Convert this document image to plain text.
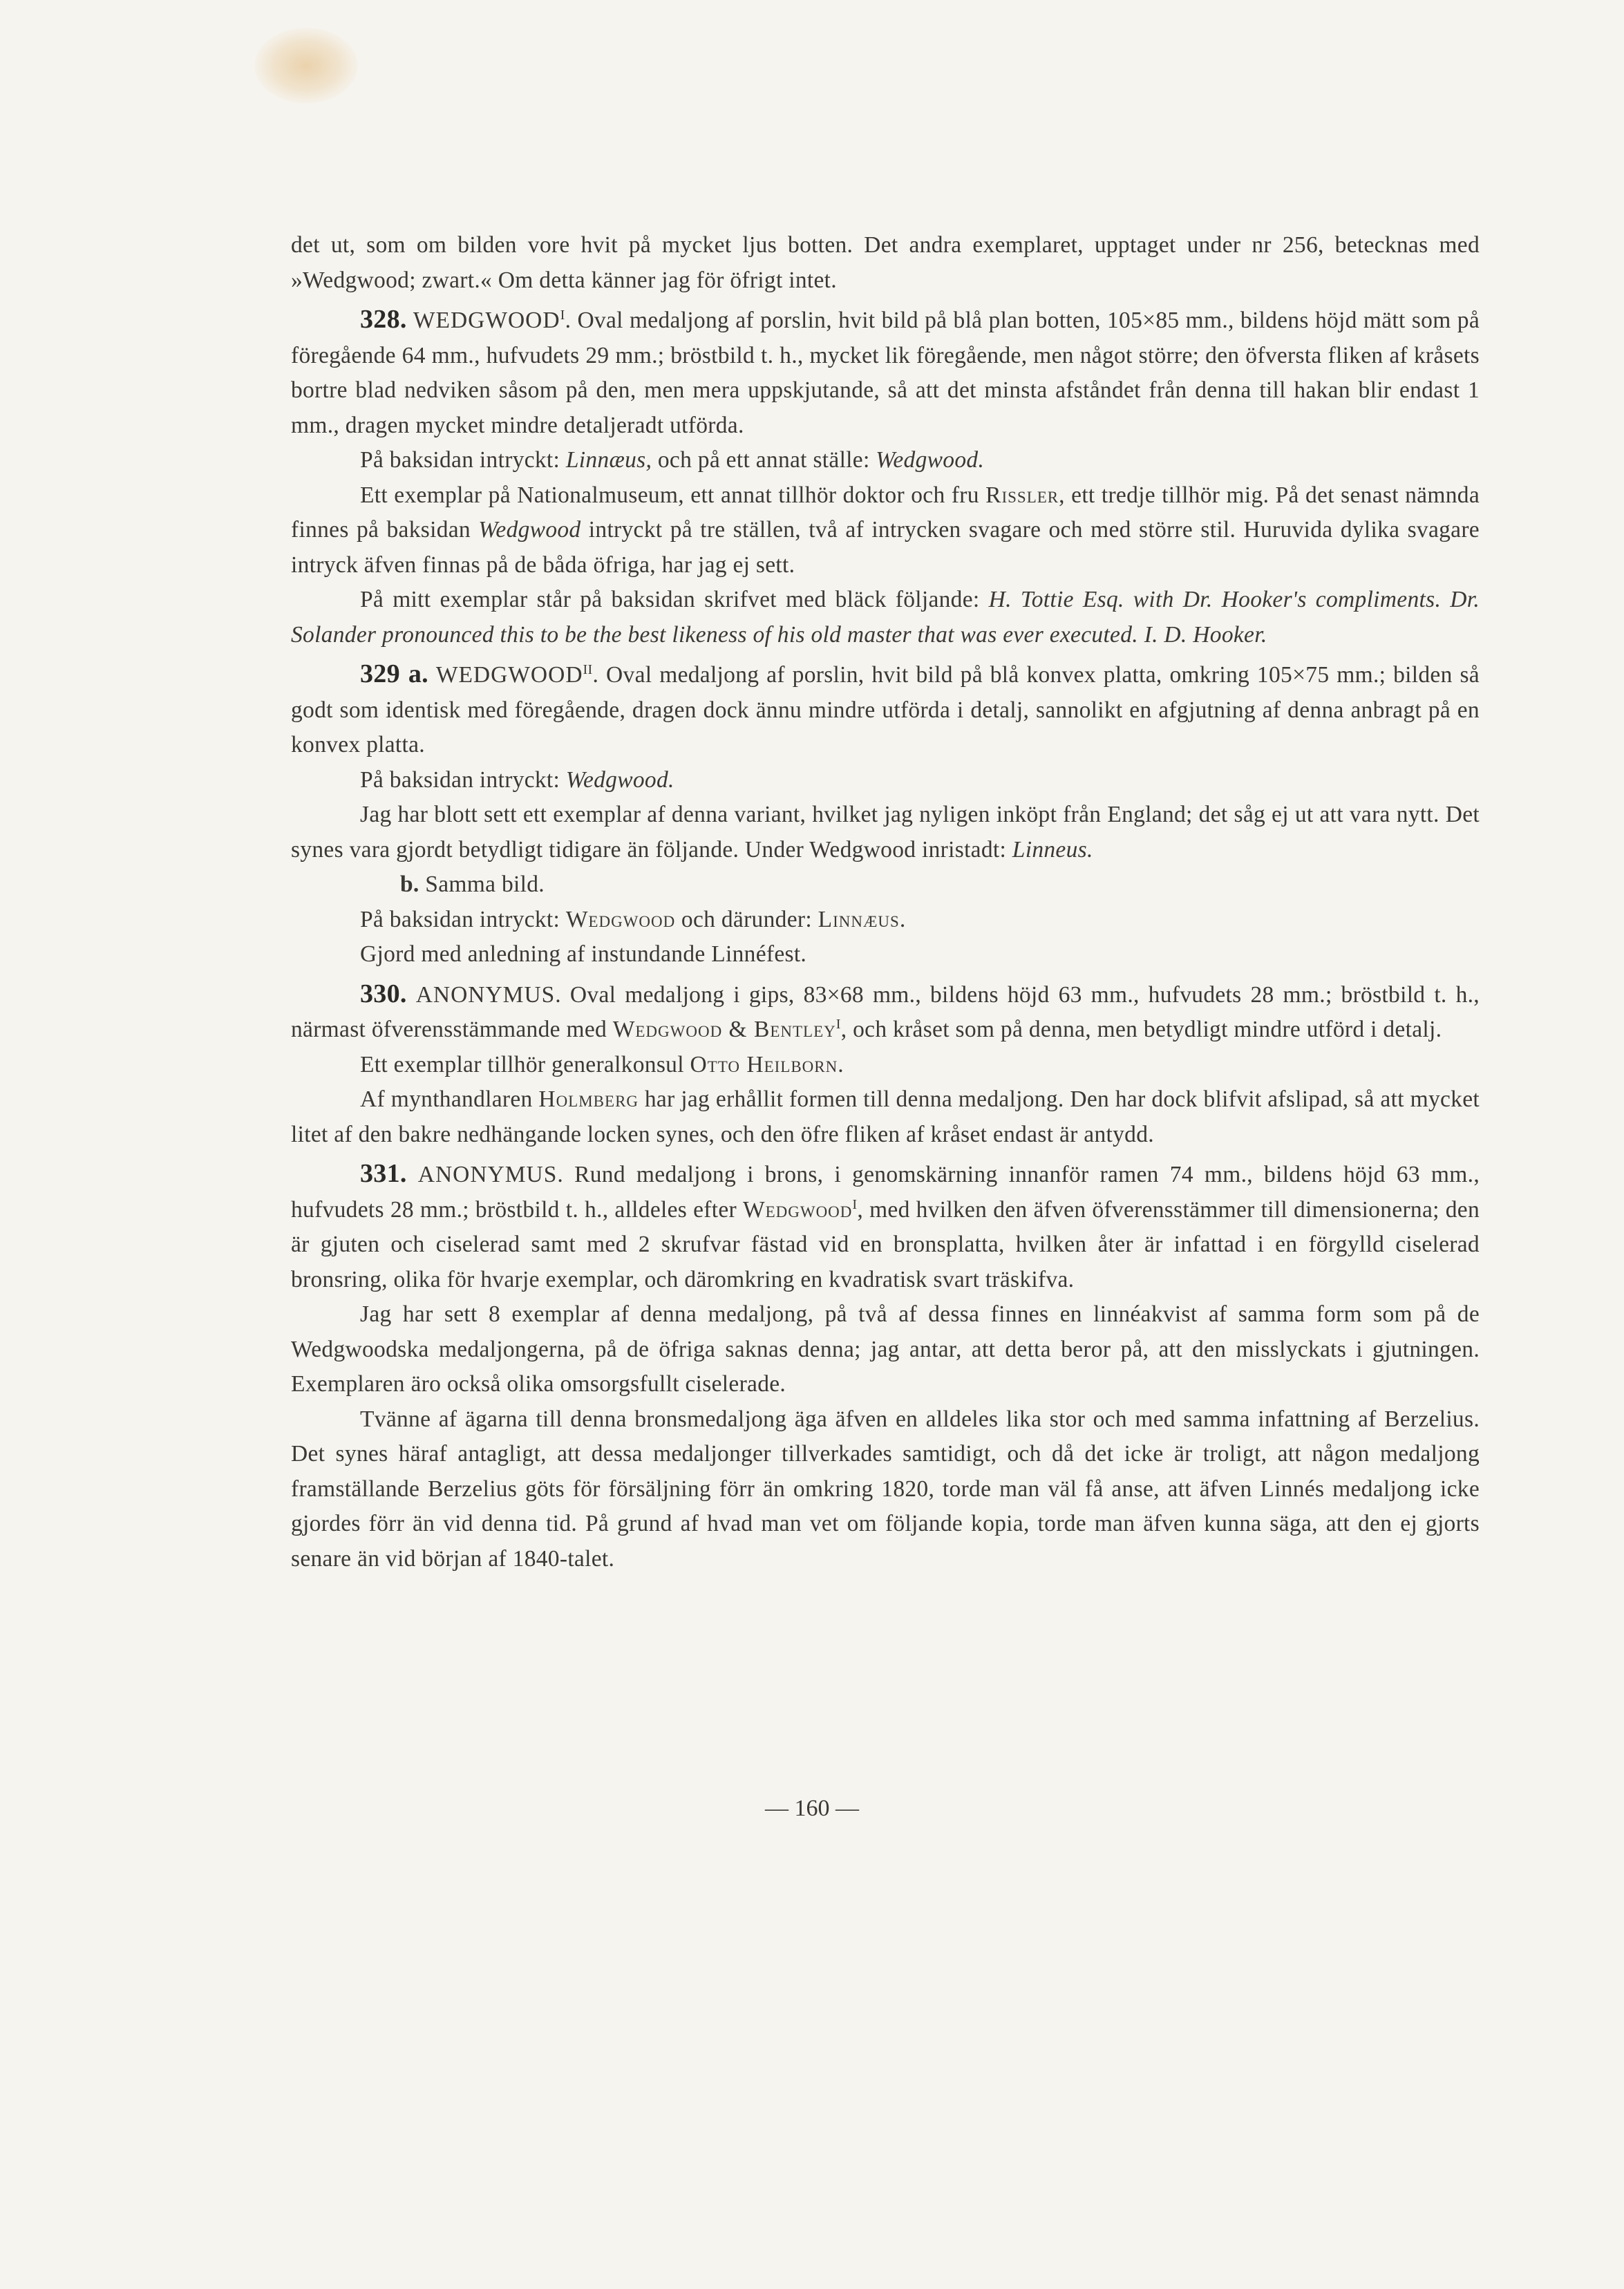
det ut, som om bilden vore hvit på mycket ljus botten. Det andra exemplaret, upptaget under nr 256, betecknas med »Wedgwood; zwart.« Om detta känner jag för öfrigt intet.

328. $WEDGWOOD^I$. Oval medaljong af porslin, hvit bild på blå plan botten, 105×85 mm., bildens höjd mätt som på föregående 64 mm., hufvudets 29 mm.; bröstbild t. h., mycket lik föregående, men något större; den öfversta fliken af kråsets bortre blad nedviken såsom på den, men mera uppskjutande, så att det minsta afståndet från denna till hakan blir endast 1 mm., dragen mycket mindre detaljeradt utförda.

På baksidan intryckt: Linnæus, och på ett annat ställe: Wedgwood.

Ett exemplar på Nationalmuseum, ett annat tillhör doktor och fru Rissler, ett tredje tillhör mig. På det senast nämnda finnes på baksidan Wedgwood intryckt på tre ställen, två af intrycken svagare och med större stil. Huruvida dylika svagare intryck äfven finnas på de båda öfriga, har jag ej sett.

På mitt exemplar står på baksidan skrifvet med bläck följande: H. Tottie Esq. with Dr. Hooker's compliments. Dr. Solander pronounced this to be the best likeness of his old master that was ever executed. I. D. Hooker.

329 a. $WEDGWOOD^{II}$. Oval medaljong af porslin, hvit bild på blå konvex platta, omkring 105×75 mm.; bilden så godt som identisk med föregående, dragen dock ännu mindre utförda i detalj, sannolikt en afgjutning af denna anbragt på en konvex platta.

På baksidan intryckt: Wedgwood.

Jag har blott sett ett exemplar af denna variant, hvilket jag nyligen inköpt från England; det såg ej ut att vara nytt. Det synes vara gjordt betydligt tidigare än följande. Under Wedgwood inristadt: Linneus.

b. Samma bild.

På baksidan intryckt: Wedgwood och därunder: Linnæus.

Gjord med anledning af instundande Linnéfest.

330. ANONYMUS. Oval medaljong i gips, 83×68 mm., bildens höjd 63 mm., hufvudets 28 mm.; bröstbild t. h., närmast öfverensstämmande med Wedgwood & Bentley$^I$, och kråset som på denna, men betydligt mindre utförd i detalj.

Ett exemplar tillhör generalkonsul Otto Heilborn.

Af mynthandlaren Holmberg har jag erhållit formen till denna medaljong. Den har dock blifvit afslipad, så att mycket litet af den bakre nedhängande locken synes, och den öfre fliken af kråset endast är antydd.

331. ANONYMUS. Rund medaljong i brons, i genomskärning innanför ramen 74 mm., bildens höjd 63 mm., hufvudets 28 mm.; bröstbild t. h., alldeles efter Wedgwood$^I$, med hvilken den äfven öfverensstämmer till dimensionerna; den är gjuten och ciselerad samt med 2 skrufvar fästad vid en bronsplatta, hvilken åter är infattad i en förgylld ciselerad bronsring, olika för hvarje exemplar, och däromkring en kvadratisk svart träskifva.

Jag har sett 8 exemplar af denna medaljong, på två af dessa finnes en linnéakvist af samma form som på de Wedgwoodska medaljongerna, på de öfriga saknas denna; jag antar, att detta beror på, att den misslyckats i gjutningen. Exemplaren äro också olika omsorgsfullt ciselerade.

Tvänne af ägarna till denna bronsmedaljong äga äfven en alldeles lika stor och med samma infattning af Berzelius. Det synes häraf antagligt, att dessa medaljonger tillverkades samtidigt, och då det icke är troligt, att någon medaljong framställande Berzelius göts för försäljning förr än omkring 1820, torde man väl få anse, att äfven Linnés medaljong icke gjordes förr än vid denna tid. På grund af hvad man vet om följande kopia, torde man äfven kunna säga, att den ej gjorts senare än vid början af 1840-talet.

— 160 —
